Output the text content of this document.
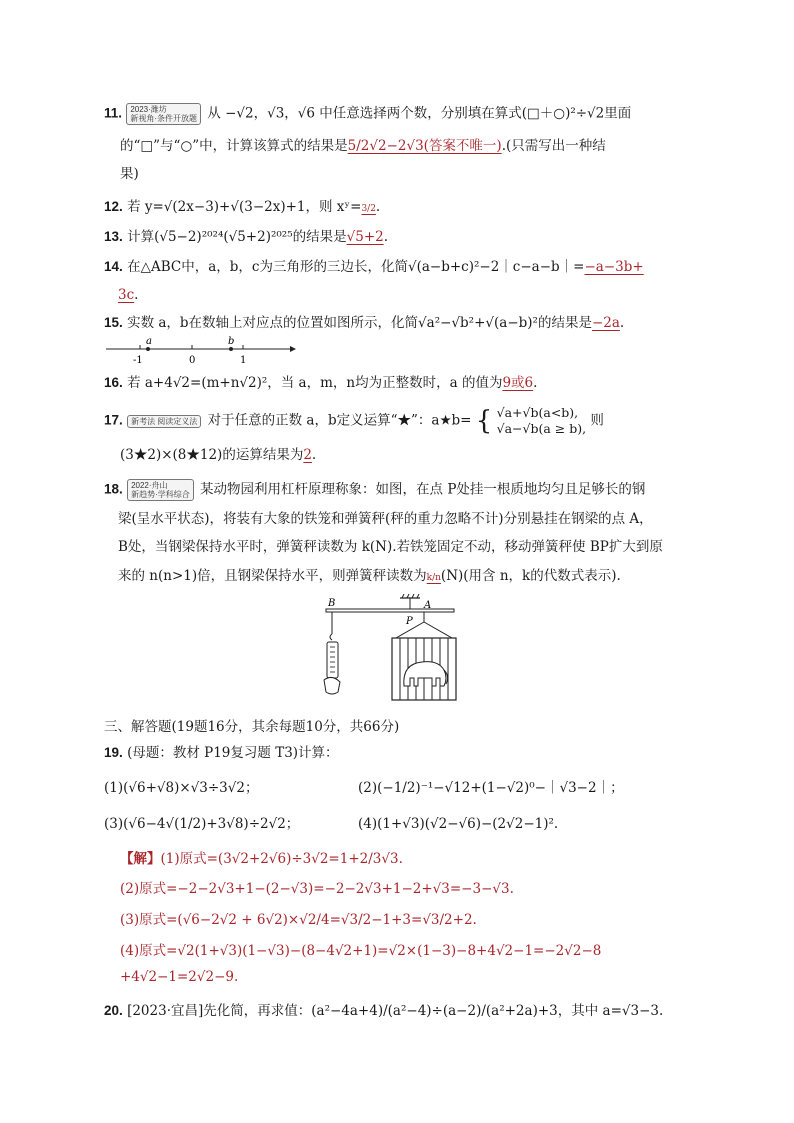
11. 2023·潍坊
新视角·条件开放题 从 −√2，√3，√6 中任意选择两个数，分别填在算式(□＋○)²÷√2里面
的“□”与“○”中，计算该算式的结果是5/2√2−2√3(答案不唯一).(只需写出一种结
果)
12. 若 y=√(2x−3)+√(3−2x)+1，则 xʸ=3/2.
13. 计算(√5−2)²⁰²⁴(√5+2)²⁰²⁵的结果是√5+2.
14. 在△ABC中，a，b，c为三角形的三边长，化简√(a−b+c)²−2｜c−a−b｜=−a−3b+
3c.
15. 实数 a，b在数轴上对应点的位置如图所示，化简√a²−√b²+√(a−b)²的结果是−2a.
a	b
-1	0	1
16. 若 a+4√2=(m+n√2)²，当 a，m，n均为正整数时，a 的值为9或6.
17. 新考法 阅读定义法 对于任意的正数 a，b定义运算“★”：a★b= { √a+√b(a<b),
√a−√b(a ≥ b), 则
(3★2)×(8★12)的运算结果为2.
18. 2022·舟山
新趋势·学科综合 某动物园利用杠杆原理称象：如图，在点 P处挂一根质地均匀且足够长的钢
梁(呈水平状态)，将装有大象的铁笼和弹簧秤(秤的重力忽略不计)分别悬挂在钢梁的点 A，
B处，当钢梁保持水平时，弹簧秤读数为 k(N).若铁笼固定不动，移动弹簧秤使 BP扩大到原
来的 n(n>1)倍，且钢梁保持水平，则弹簧秤读数为k/n(N)(用含 n，k的代数式表示).
B	A
P
三、解答题(19题16分，其余每题10分，共66分)
19. (母题：教材 P19复习题 T3)计算：
(1)(√6+√8)×√3÷3√2；	(2)(−1/2)⁻¹−√12+(1−√2)⁰−｜√3−2｜；
(3)(√6−4√(1/2)+3√8)÷2√2；	(4)(1+√3)(√2−√6)−(2√2−1)².
【解】(1)原式=(3√2+2√6)÷3√2=1+2/3√3.
(2)原式=−2−2√3+1−(2−√3)=−2−2√3+1−2+√3=−3−√3.
(3)原式=(√6−2√2 + 6√2)×√2/4=√3/2−1+3=√3/2+2.
(4)原式=√2(1+√3)(1−√3)−(8−4√2+1)=√2×(1−3)−8+4√2−1=−2√2−8
+4√2−1=2√2−9.
20. [2023·宜昌]先化简，再求值：(a²−4a+4)/(a²−4)÷(a−2)/(a²+2a)+3，其中 a=√3−3.
